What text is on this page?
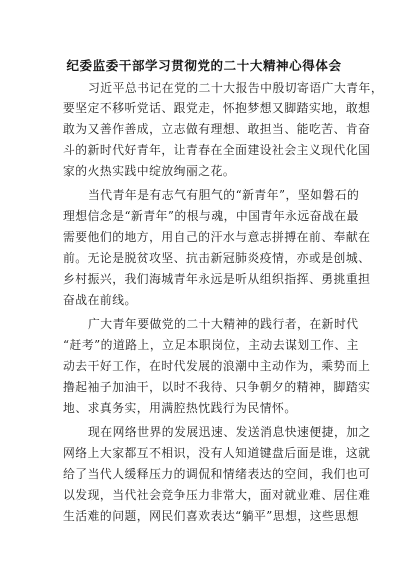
纪委监委干部学习贯彻党的二十大精神心得体会
习近平总书记在党的二十大报告中殷切寄语广大青年，
要坚定不移听党话、跟党走，怀抱梦想又脚踏实地，敢想
敢为又善作善成，立志做有理想、敢担当、能吃苦、肯奋
斗的新时代好青年，让青春在全面建设社会主义现代化国
家的火热实践中绽放绚丽之花。
当代青年是有志气有胆气的“新青年”，坚如磐石的
理想信念是“新青年”的根与魂，中国青年永远奋战在最
需要他们的地方，用自己的汗水与意志拼搏在前、奉献在
前。无论是脱贫攻坚、抗击新冠肺炎疫情，亦或是创城、
乡村振兴，我们海城青年永远是听从组织指挥、勇挑重担
奋战在前线。
广大青年要做党的二十大精神的践行者，在新时代
“赶考”的道路上，立足本职岗位，主动去谋划工作、主
动去干好工作，在时代发展的浪潮中主动作为，乘势而上
撸起袖子加油干，以时不我待、只争朝夕的精神，脚踏实
地、求真务实，用满腔热忱践行为民情怀。
现在网络世界的发展迅速、发送消息快速便捷，加之
网络上大家都互不相识，没有人知道键盘后面是谁，这就
给了当代人缓释压力的调侃和情绪表达的空间，我们也可
以发现，当代社会竞争压力非常大，面对就业难、居住难
生活难的问题，网民们喜欢表达“躺平”思想，这些思想
